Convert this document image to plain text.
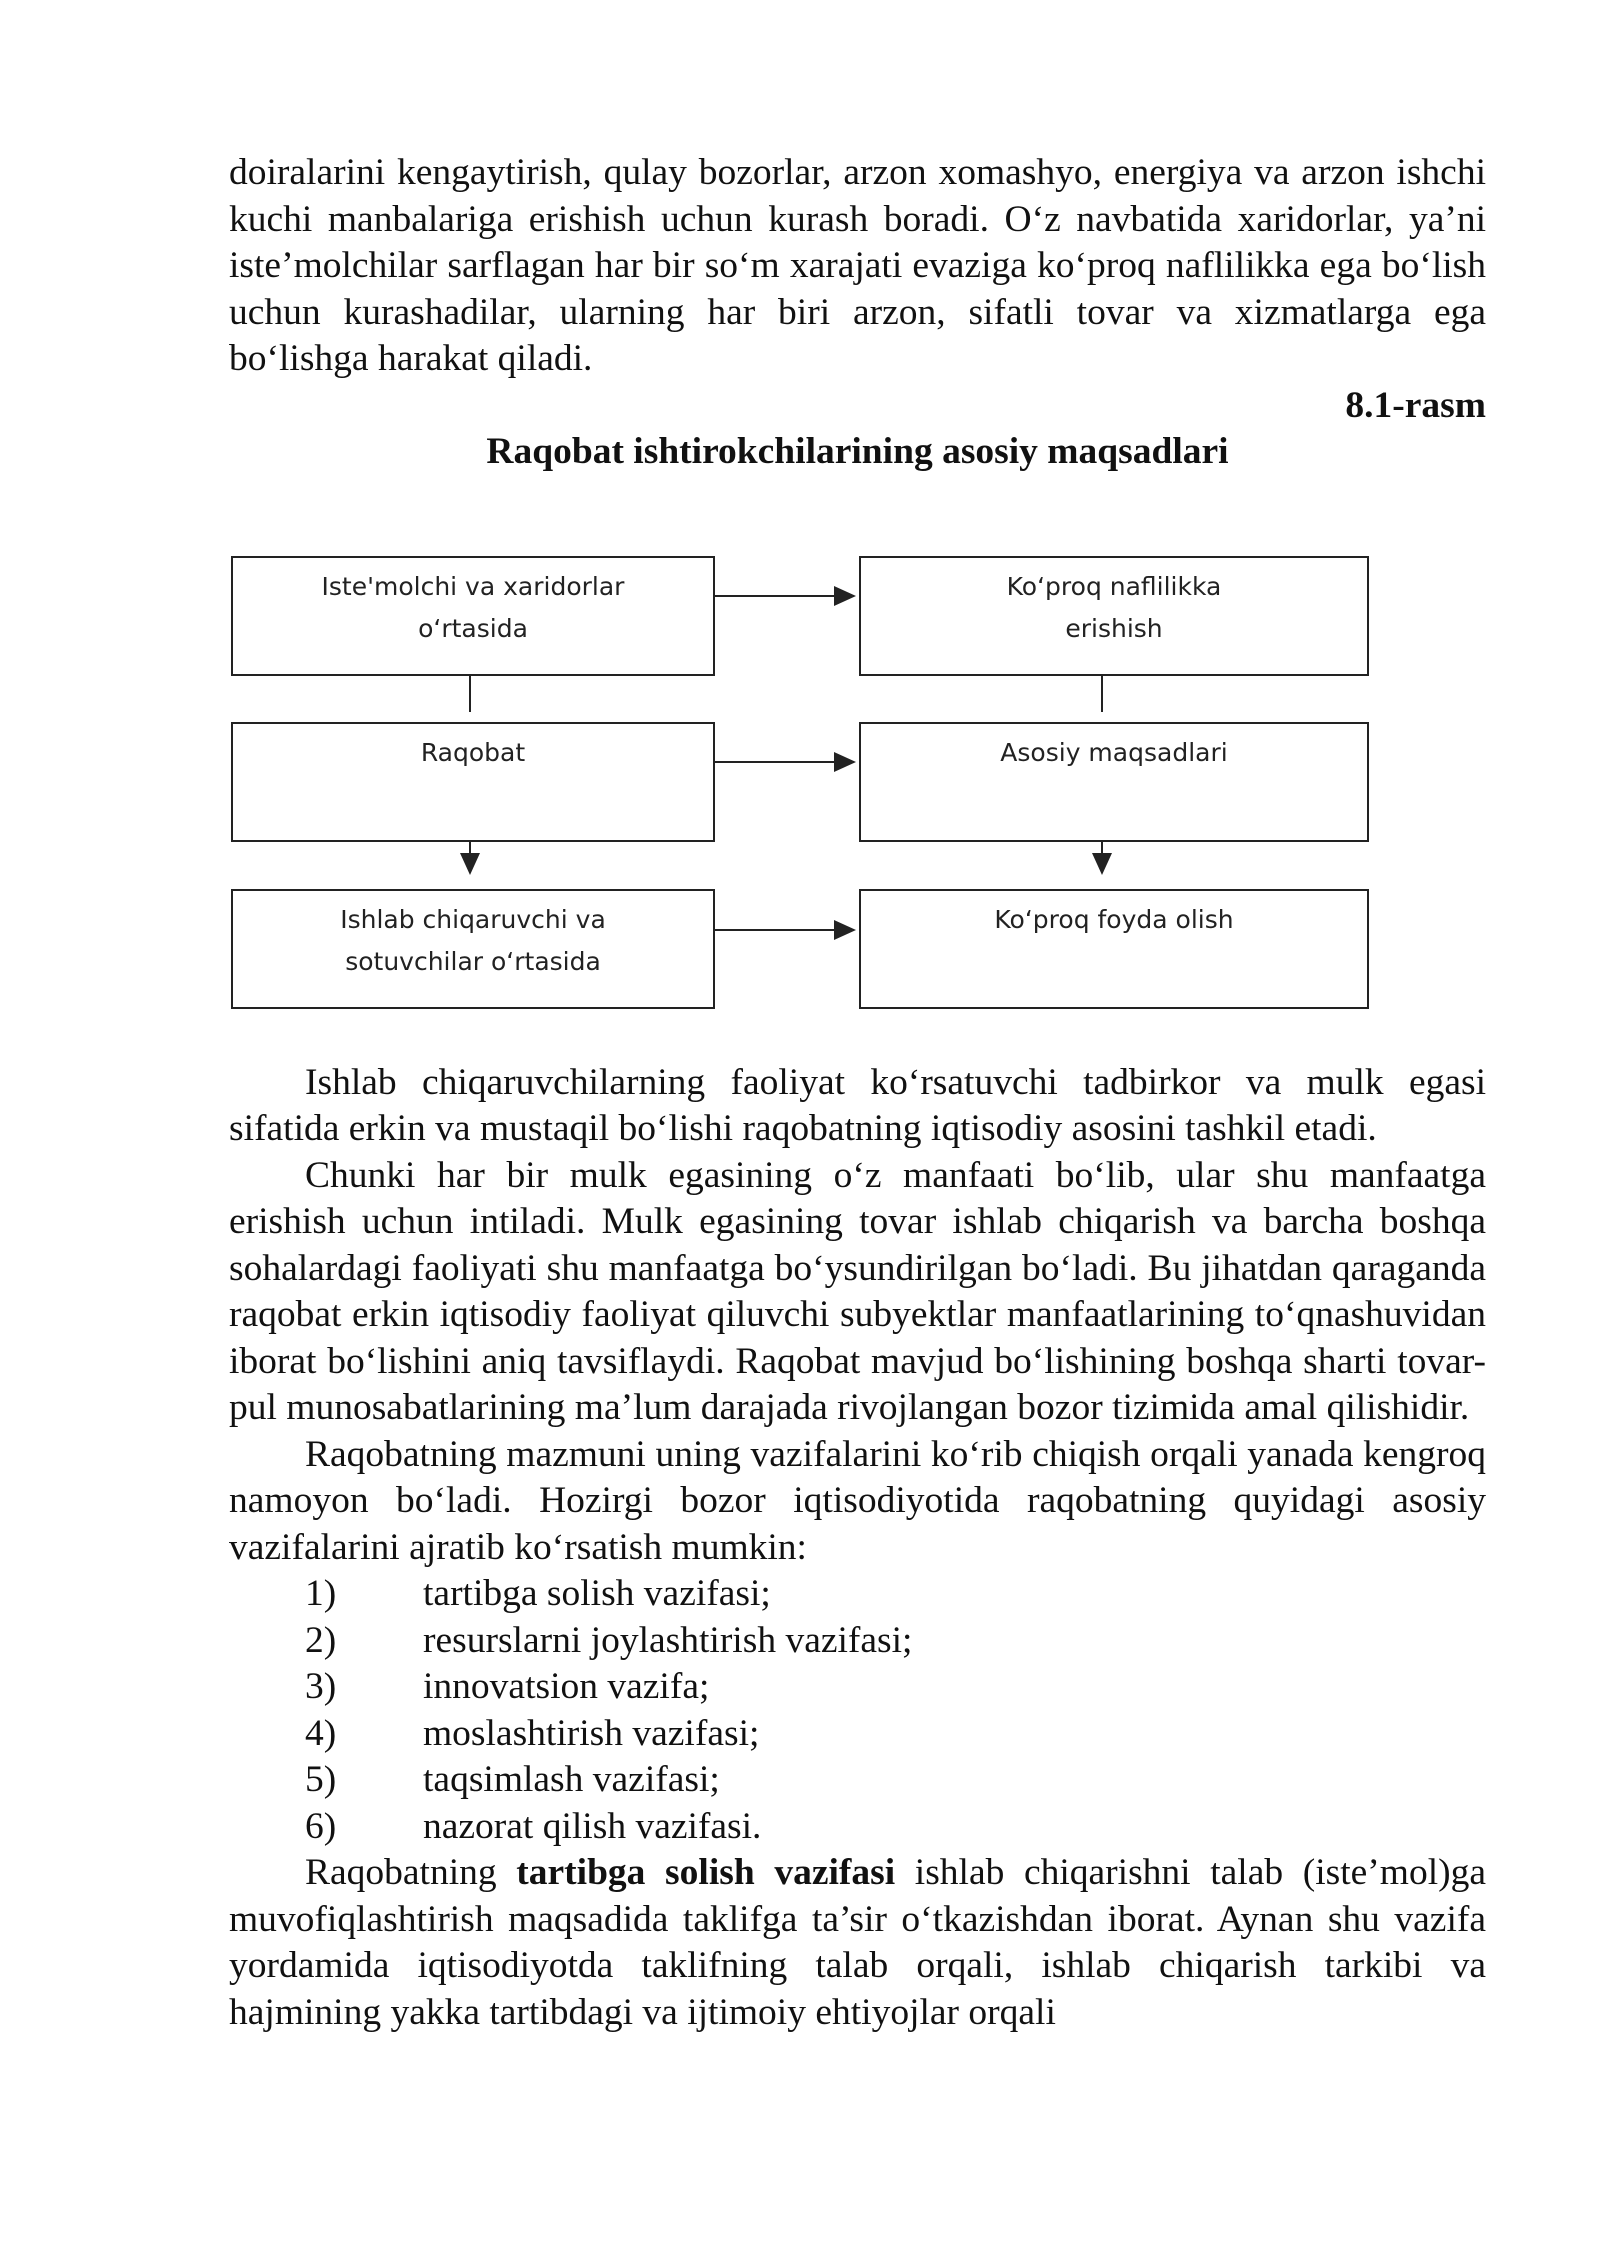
doiralarini kengaytirish, qulay bozorlar, arzon xomashyo, energiya va arzon ishchi kuchi manbalariga erishish uchun kurash boradi. O‘z navbatida xaridorlar, ya’ni iste’molchilar sarflagan har bir so‘m xarajati evaziga ko‘proq naflilikka ega bo‘lish uchun kurashadilar, ularning har biri arzon, sifatli tovar va xizmatlarga ega bo‘lishga harakat qiladi.

8.1-rasm
Raqobat ishtirokchilarining asosiy maqsadlari
Iste'molchi va xaridorlar
o‘rtasida
Raqobat
Ishlab chiqaruvchi va
sotuvchilar o‘rtasida
Ko‘proq naflilikka
erishish
Asosiy maqsadlari
Ko‘proq foyda olish

Ishlab chiqaruvchilarning faoliyat ko‘rsatuvchi tadbirkor va mulk egasi sifatida erkin va mustaqil bo‘lishi raqobatning iqtisodiy asosini tashkil etadi.

Chunki har bir mulk egasining o‘z manfaati bo‘lib, ular shu manfaatga erishish uchun intiladi. Mulk egasining tovar ishlab chiqarish va barcha boshqa sohalardagi faoliyati shu manfaatga bo‘ysundirilgan bo‘ladi. Bu jihatdan qaraganda raqobat erkin iqtisodiy faoliyat qiluvchi subyektlar manfaatlarining to‘qnashuvidan iborat bo‘lishini aniq tavsiflaydi. Raqobat mavjud bo‘lishining boshqa sharti tovar-pul munosabatlarining ma’lum darajada rivojlangan bozor tizimida amal qilishidir.

Raqobatning mazmuni uning vazifalarini ko‘rib chiqish orqali yanada kengroq namoyon bo‘ladi. Hozirgi bozor iqtisodiyotida raqobatning quyidagi asosiy vazifalarini ajratib ko‘rsatish mumkin:

1)	tartibga solish vazifasi;
2)	resurslarni joylashtirish vazifasi;
3)	innovatsion vazifa;
4)	moslashtirish vazifasi;
5)	taqsimlash vazifasi;
6)	nazorat qilish vazifasi.

Raqobatning tartibga solish vazifasi ishlab chiqarishni talab (iste’mol)ga muvofiqlashtirish maqsadida taklifga ta’sir o‘tkazishdan iborat. Aynan shu vazifa yordamida iqtisodiyotda taklifning talab orqali, ishlab chiqarish tarkibi va hajmining yakka tartibdagi va ijtimoiy ehtiyojlar orqali
